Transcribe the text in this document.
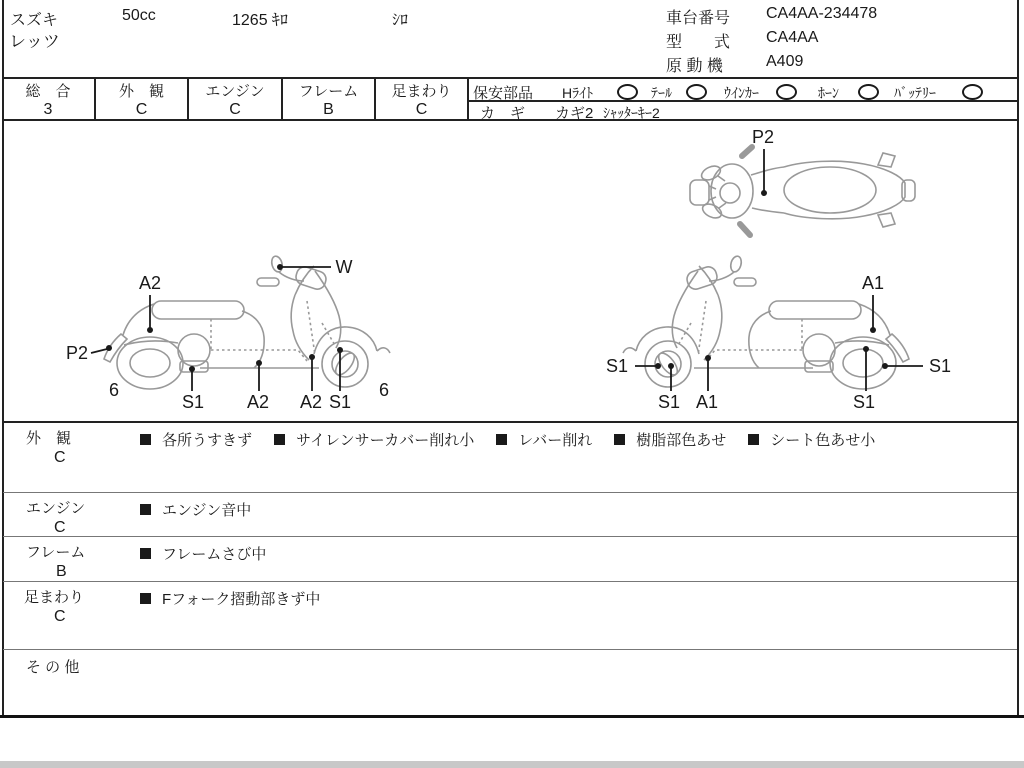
スズキ	50cc	1265 ｷﾛ	ｼﾛ
レッツ
車台番号 CA4AA-234478
型　　式 CA4AA
原 動 機	A409
総　合
3
外　観
C
エンジン
C
フレーム
B
足まわり
C
保安部品 Hﾗｲﾄ	ﾃｰﾙ	ｳｲﾝｶｰ	ﾎｰﾝ	ﾊﾞｯﾃﾘｰ
カ　ギ カギ2 ｼｬｯﾀｰｷｰ2
P2
A2
W
P2
6
S1 A2 A2 S1
6
A1
S1
S1 A1	S1
S1
外　観
C
各所うすきず	サイレンサーカバー削れ小	レバー削れ	樹脂部色あせ	シート色あせ小
エンジン
C
エンジン音中
フレーム
B
フレームさび中
足まわり
C
Fフォーク摺動部きず中
そ の 他
